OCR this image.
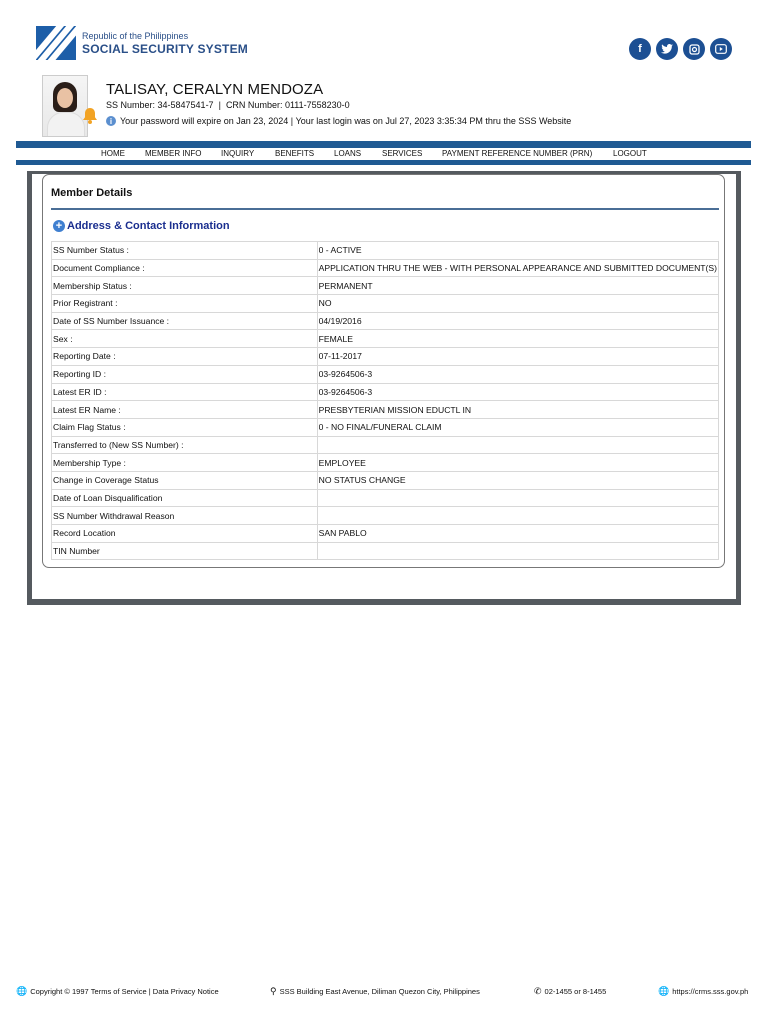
Republic of the Philippines
SOCIAL SECURITY SYSTEM	f
TALISAY, CERALYN MENDOZA
SS Number: 34-5847541-7  |  CRN Number: 0111-7558230-0
i Your password will expire on Jan 23, 2024 | Your last login was on Jul 27, 2023 3:35:34 PM thru the SSS Website
HOME	MEMBER INFO INQUIRY	BENEFITS LOANS	SERVICES PAYMENT REFERENCE NUMBER (PRN)	LOGOUT
Member Details
+ Address & Contact Information
SS Number Status :	0 - ACTIVE
Document Compliance :	APPLICATION THRU THE WEB - WITH PERSONAL APPEARANCE AND SUBMITTED DOCUMENT(S)
Membership Status :	PERMANENT
Prior Registrant :	NO
Date of SS Number Issuance :	04/19/2016
Sex :	FEMALE
Reporting Date :	07-11-2017
Reporting ID :	03-9264506-3
Latest ER ID :	03-9264506-3
Latest ER Name :	PRESBYTERIAN MISSION EDUCTL IN
Claim Flag Status :	0 - NO FINAL/FUNERAL CLAIM
Transferred to (New SS Number) :	
Membership Type :	EMPLOYEE
Change in Coverage Status	NO STATUS CHANGE
Date of Loan Disqualification	
SS Number Withdrawal Reason	
Record Location	SAN PABLO
TIN Number	
🌐 Copyright © 1997
Terms of Service | Data Privacy Notice	⚲ SSS Building East Avenue, Diliman Quezon City, Philippines	✆ 02-1455 or 8-1455	🌐 https://crms.sss.gov.ph
